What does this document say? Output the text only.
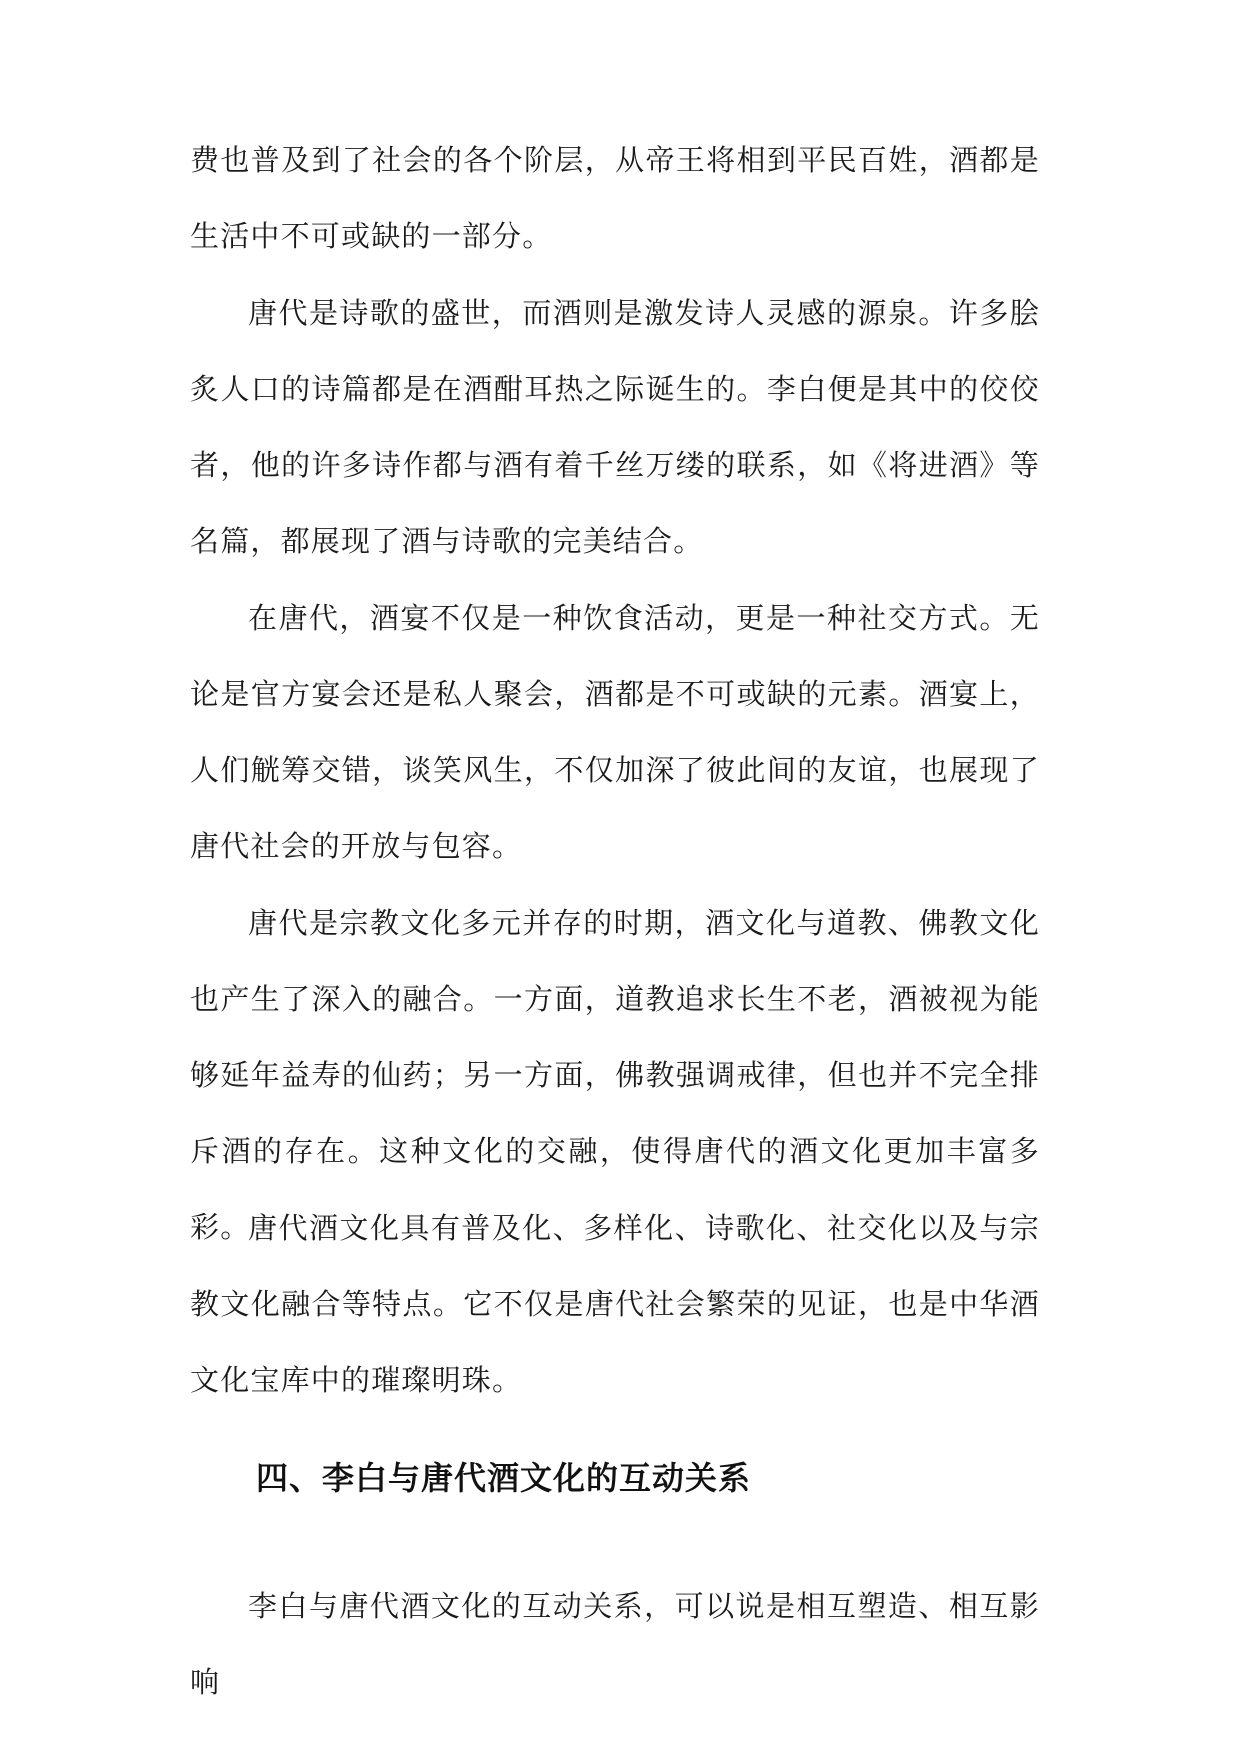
费也普及到了社会的各个阶层，从帝王将相到平民百姓，酒都是生活中不可或缺的一部分。

唐代是诗歌的盛世，而酒则是激发诗人灵感的源泉。许多脍炙人口的诗篇都是在酒酣耳热之际诞生的。李白便是其中的佼佼者，他的许多诗作都与酒有着千丝万缕的联系，如《将进酒》等名篇，都展现了酒与诗歌的完美结合。

在唐代，酒宴不仅是一种饮食活动，更是一种社交方式。无论是官方宴会还是私人聚会，酒都是不可或缺的元素。酒宴上，人们觥筹交错，谈笑风生，不仅加深了彼此间的友谊，也展现了唐代社会的开放与包容。

唐代是宗教文化多元并存的时期，酒文化与道教、佛教文化也产生了深入的融合。一方面，道教追求长生不老，酒被视为能够延年益寿的仙药；另一方面，佛教强调戒律，但也并不完全排斥酒的存在。这种文化的交融，使得唐代的酒文化更加丰富多彩。

唐代酒文化具有普及化、多样化、诗歌化、社交化以及与宗教文化融合等特点。它不仅是唐代社会繁荣的见证，也是中华酒文化宝库中的璀璨明珠。

四、李白与唐代酒文化的互动关系

李白与唐代酒文化的互动关系，可以说是相互塑造、相互影响
